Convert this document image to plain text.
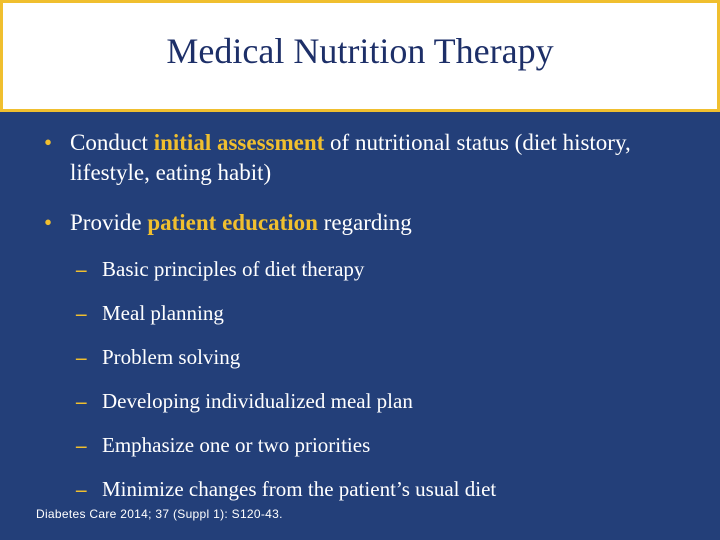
Medical Nutrition Therapy
• Conduct initial assessment of nutritional status (diet history, lifestyle, eating habit)
• Provide patient education regarding
– Basic principles of diet therapy
– Meal planning
– Problem solving
– Developing individualized meal plan
– Emphasize one or two priorities
– Minimize changes from the patient’s usual diet
Diabetes Care 2014; 37 (Suppl 1): S120-43.
